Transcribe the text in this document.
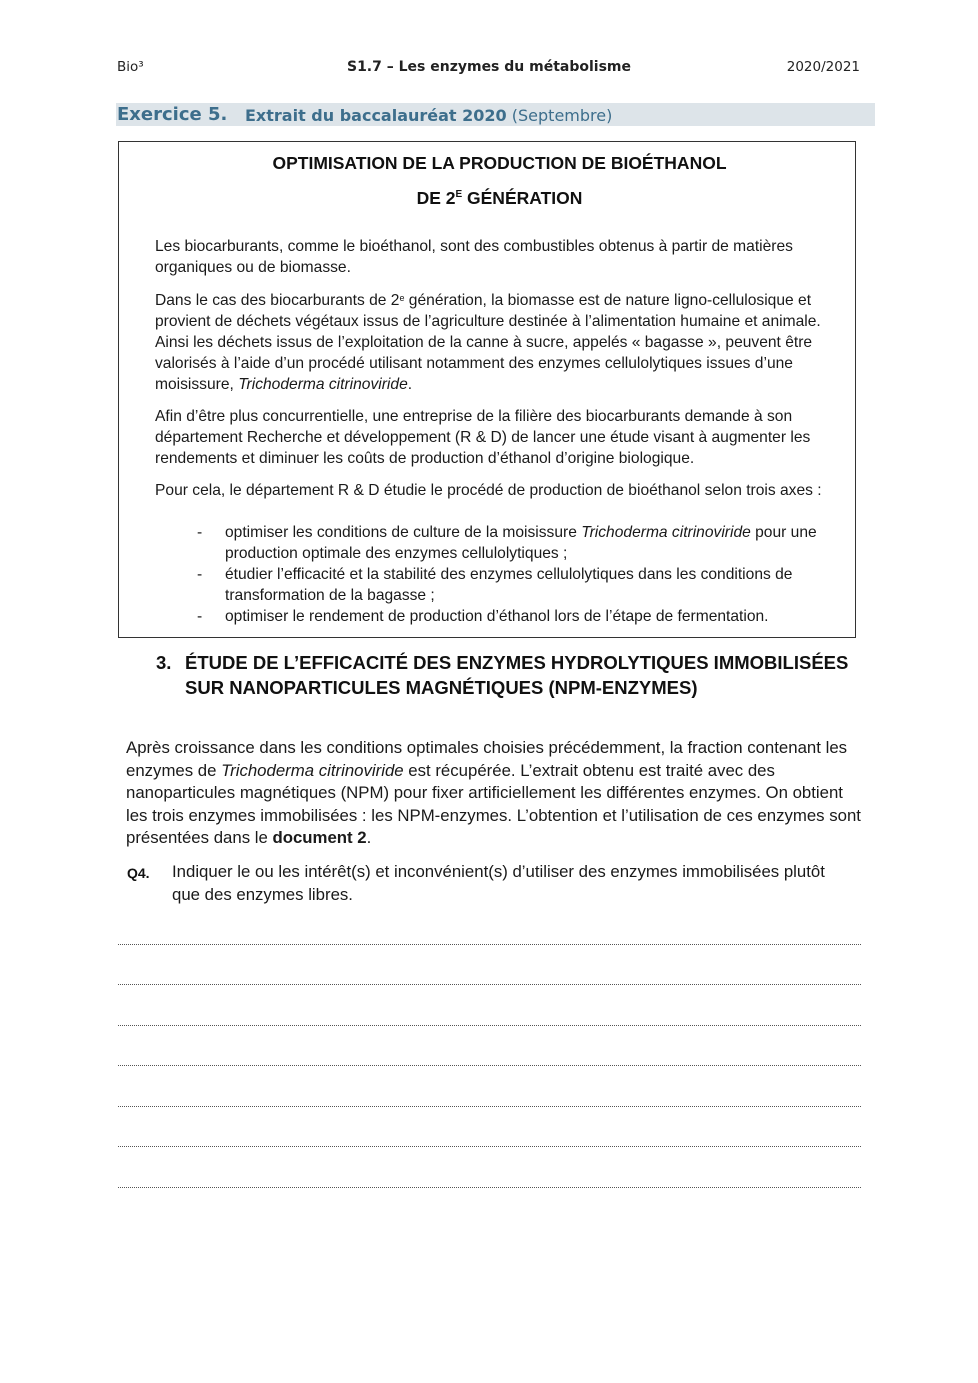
Bio³	S1.7 – Les enzymes du métabolisme	2020/2021
Exercice 5. Extrait du baccalauréat 2020 (Septembre)
OPTIMISATION DE LA PRODUCTION DE BIOÉTHANOL
DE $2^E$ GÉNÉRATION
Les biocarburants, comme le bioéthanol, sont des combustibles obtenus à partir de matières organiques ou de biomasse.
Dans le cas des biocarburants de 2e génération, la biomasse est de nature ligno-cellulosique et provient de déchets végétaux issus de l’agriculture destinée à l’alimentation humaine et animale. Ainsi les déchets issus de l’exploitation de la canne à sucre, appelés « bagasse », peuvent être valorisés à l’aide d’un procédé utilisant notamment des enzymes cellulolytiques issues d’une moisissure, Trichoderma citrinoviride.
Afin d’être plus concurrentielle, une entreprise de la filière des biocarburants demande à son département Recherche et développement (R & D) de lancer une étude visant à augmenter les rendements et diminuer les coûts de production d’éthanol d’origine biologique.
Pour cela, le département R & D étudie le procédé de production de bioéthanol selon trois axes :
- optimiser les conditions de culture de la moisissure Trichoderma citrinoviride pour une production optimale des enzymes cellulolytiques ;
- étudier l’efficacité et la stabilité des enzymes cellulolytiques dans les conditions de transformation de la bagasse ;
- optimiser le rendement de production d’éthanol lors de l’étape de fermentation.
3. ÉTUDE DE L’EFFICACITÉ DES ENZYMES HYDROLYTIQUES IMMOBILISÉES SUR NANOPARTICULES MAGNÉTIQUES (NPM-ENZYMES)
Après croissance dans les conditions optimales choisies précédemment, la fraction contenant les enzymes de Trichoderma citrinoviride est récupérée. L’extrait obtenu est traité avec des nanoparticules magnétiques (NPM) pour fixer artificiellement les différentes enzymes. On obtient les trois enzymes immobilisées : les NPM-enzymes. L’obtention et l’utilisation de ces enzymes sont présentées dans le document 2.
Q4. Indiquer le ou les intérêt(s) et inconvénient(s) d’utiliser des enzymes immobilisées plutôt que des enzymes libres.
